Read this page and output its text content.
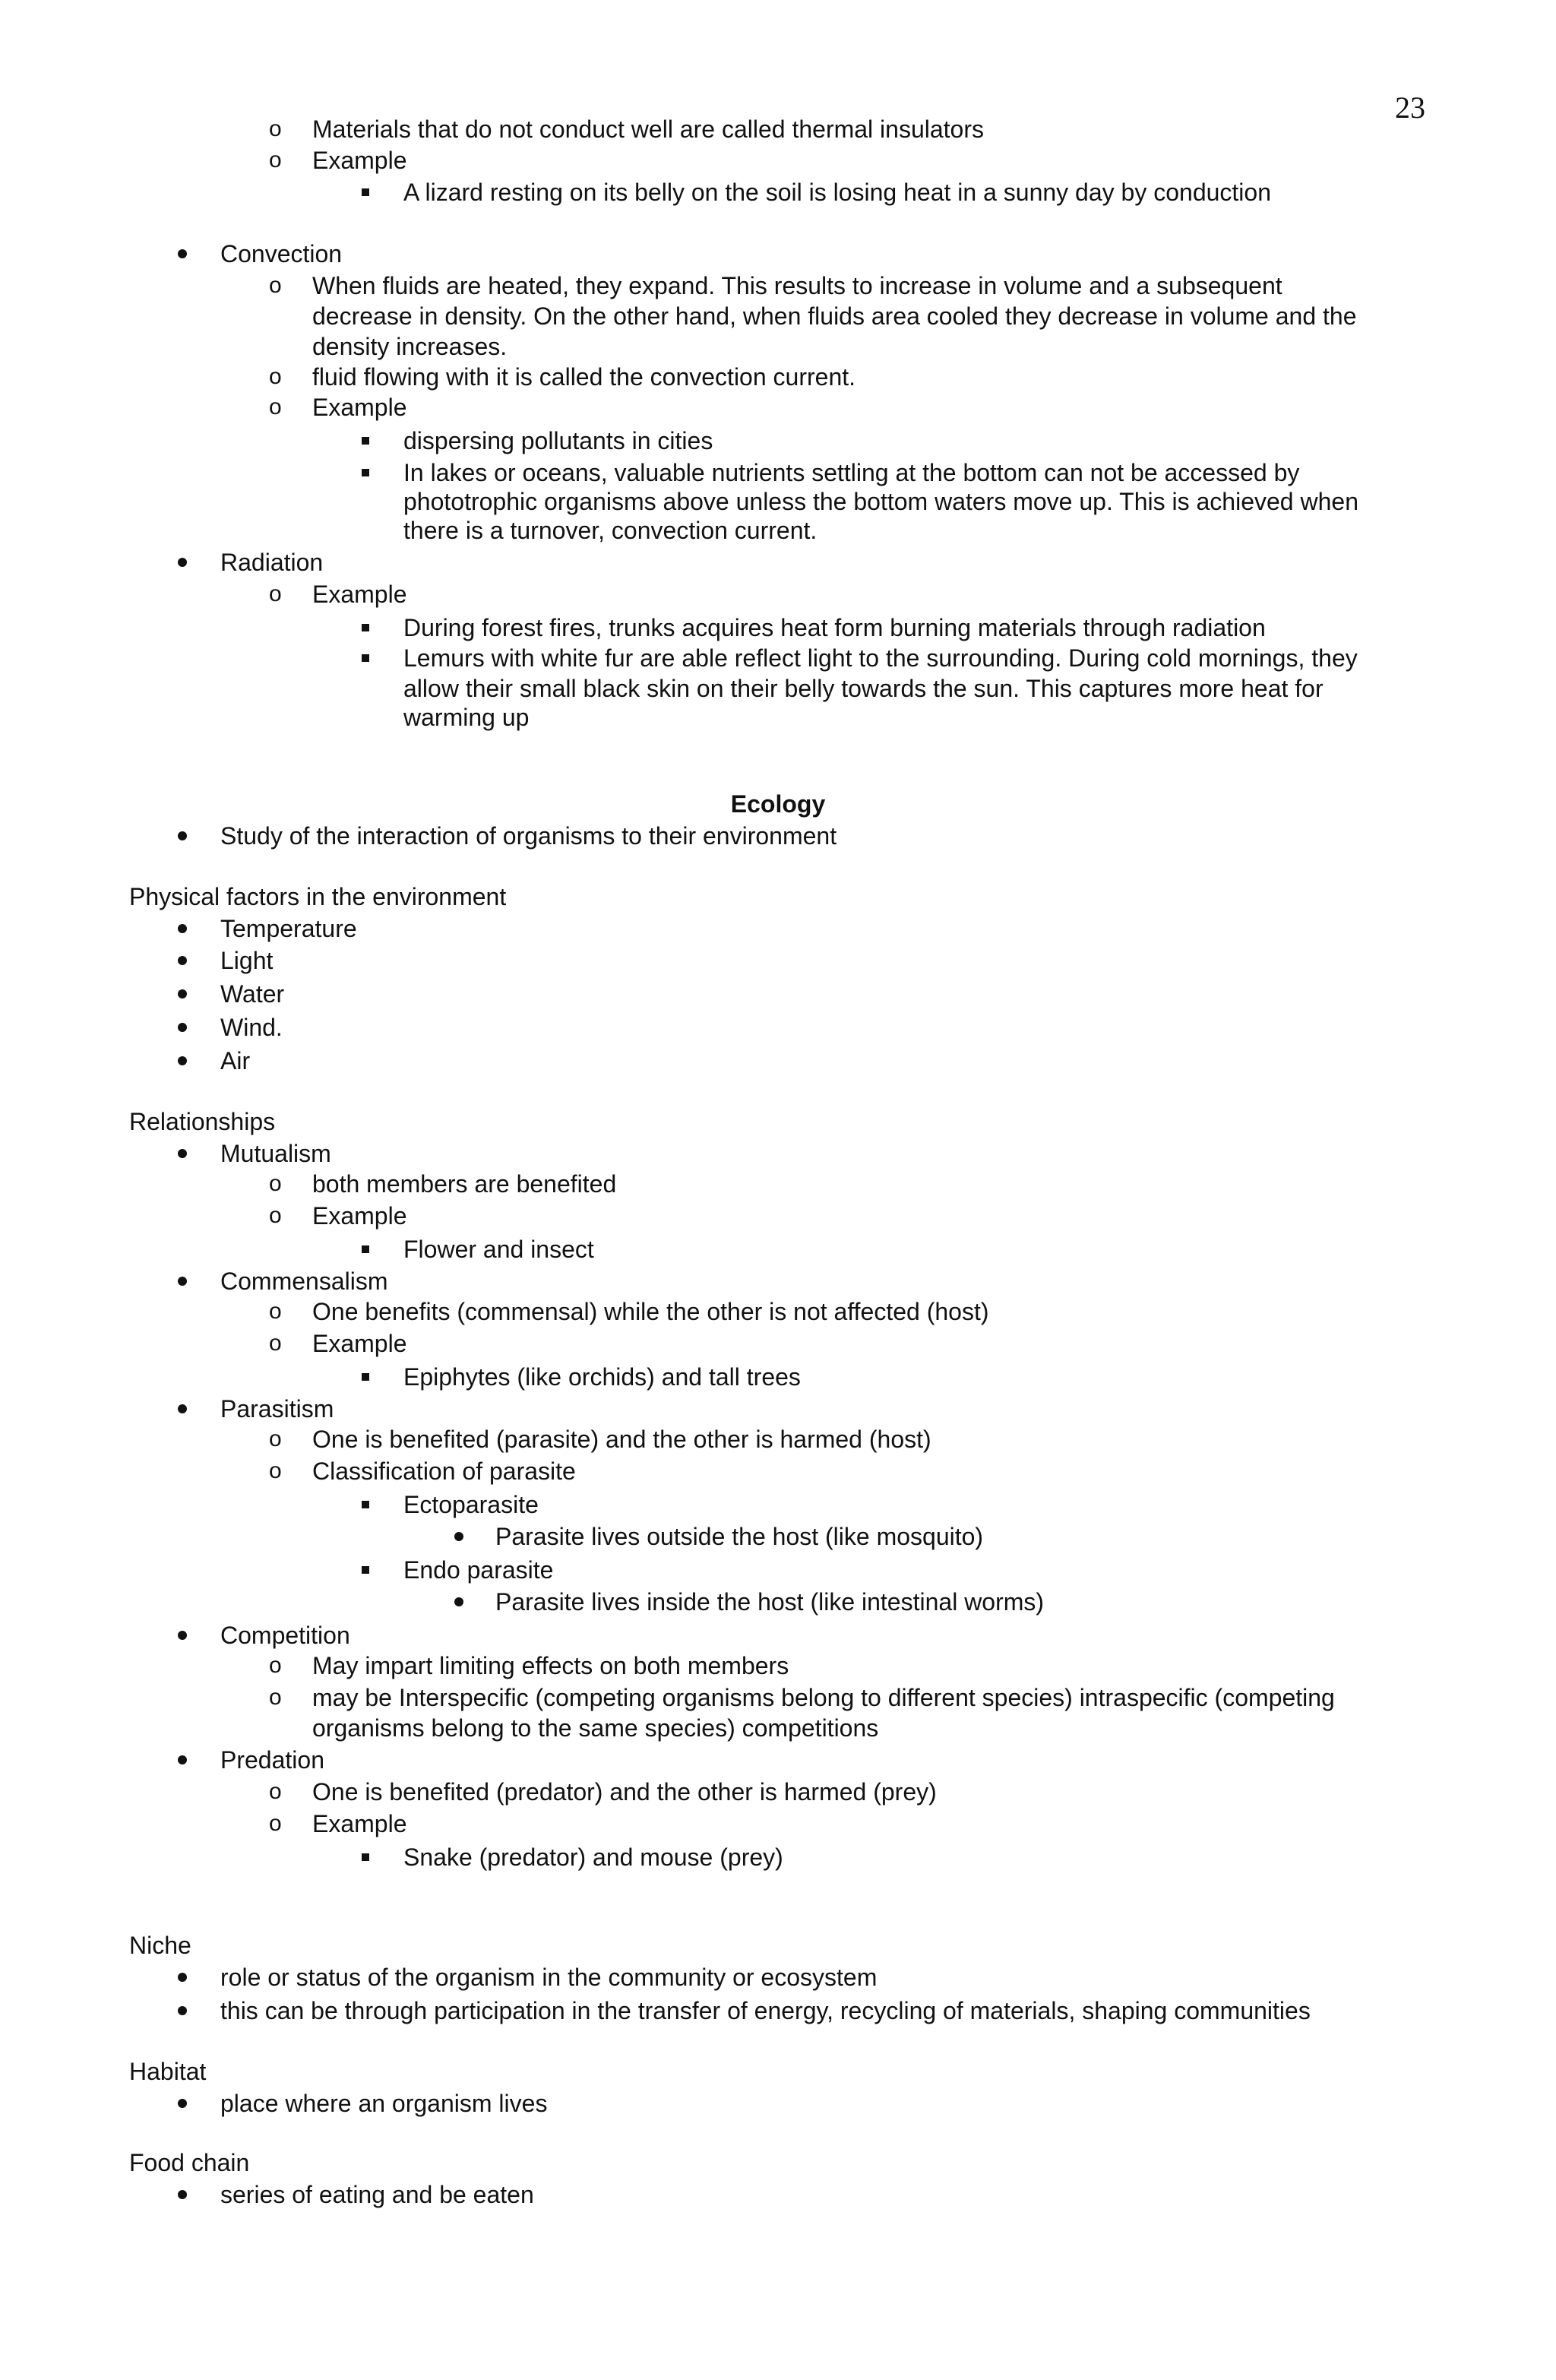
23
o Materials that do not conduct well are called thermal insulators
o Example
A lizard resting on its belly on the soil is losing heat in a sunny day by conduction
Convection
o When fluids are heated, they expand. This results to increase in volume and a subsequent
decrease in density. On the other hand, when fluids area cooled they decrease in volume and the
density increases.
o fluid flowing with it is called the convection current.
o Example
dispersing pollutants in cities
In lakes or oceans, valuable nutrients settling at the bottom can not be accessed by
phototrophic organisms above unless the bottom waters move up. This is achieved when
there is a turnover, convection current.
Radiation
o Example
During forest fires, trunks acquires heat form burning materials through radiation
Lemurs with white fur are able reflect light to the surrounding. During cold mornings, they
allow their small black skin on their belly towards the sun. This captures more heat for
warming up
Ecology
Study of the interaction of organisms to their environment
Physical factors in the environment
Temperature
Light
Water
Wind.
Air
Relationships
Mutualism
o both members are benefited
o Example
Flower and insect
Commensalism
o One benefits (commensal) while the other is not affected (host)
o Example
Epiphytes (like orchids) and tall trees
Parasitism
o One is benefited (parasite) and the other is harmed (host)
o Classification of parasite
Ectoparasite
Parasite lives outside the host (like mosquito)
Endo parasite
Parasite lives inside the host (like intestinal worms)
Competition
o May impart limiting effects on both members
o may be Interspecific (competing organisms belong to different species) intraspecific (competing
organisms belong to the same species) competitions
Predation
o One is benefited (predator) and the other is harmed (prey)
o Example
Snake (predator) and mouse (prey)
Niche
role or status of the organism in the community or ecosystem
this can be through participation in the transfer of energy, recycling of materials, shaping communities
Habitat
place where an organism lives
Food chain
series of eating and be eaten
